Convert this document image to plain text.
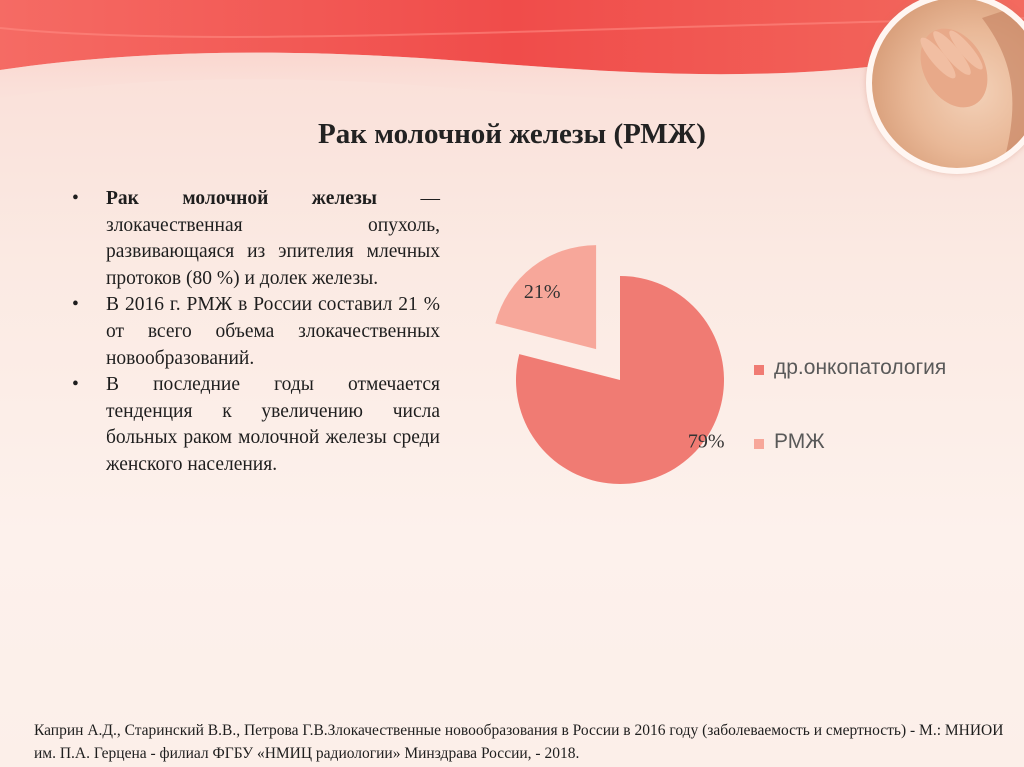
Рак молочной железы (РМЖ)
• Рак молочной железы — злокачественная опухоль, развивающаяся из эпителия млечных протоков (80 %) и долек железы.
• В 2016 г. РМЖ в России составил 21 % от всего объема злокачественных новообразований.
• В последние годы отмечается тенденция к увеличению числа больных раком молочной железы среди женского населения.
79%
21%
др.онкопатология
РМЖ
Каприн А.Д., Старинский В.В., Петрова Г.В.Злокачественные новообразования в России в 2016 году (заболеваемость и смертность) - М.: МНИОИ им. П.А. Герцена - филиал ФГБУ «НМИЦ радиологии» Минздрава России, - 2018.
